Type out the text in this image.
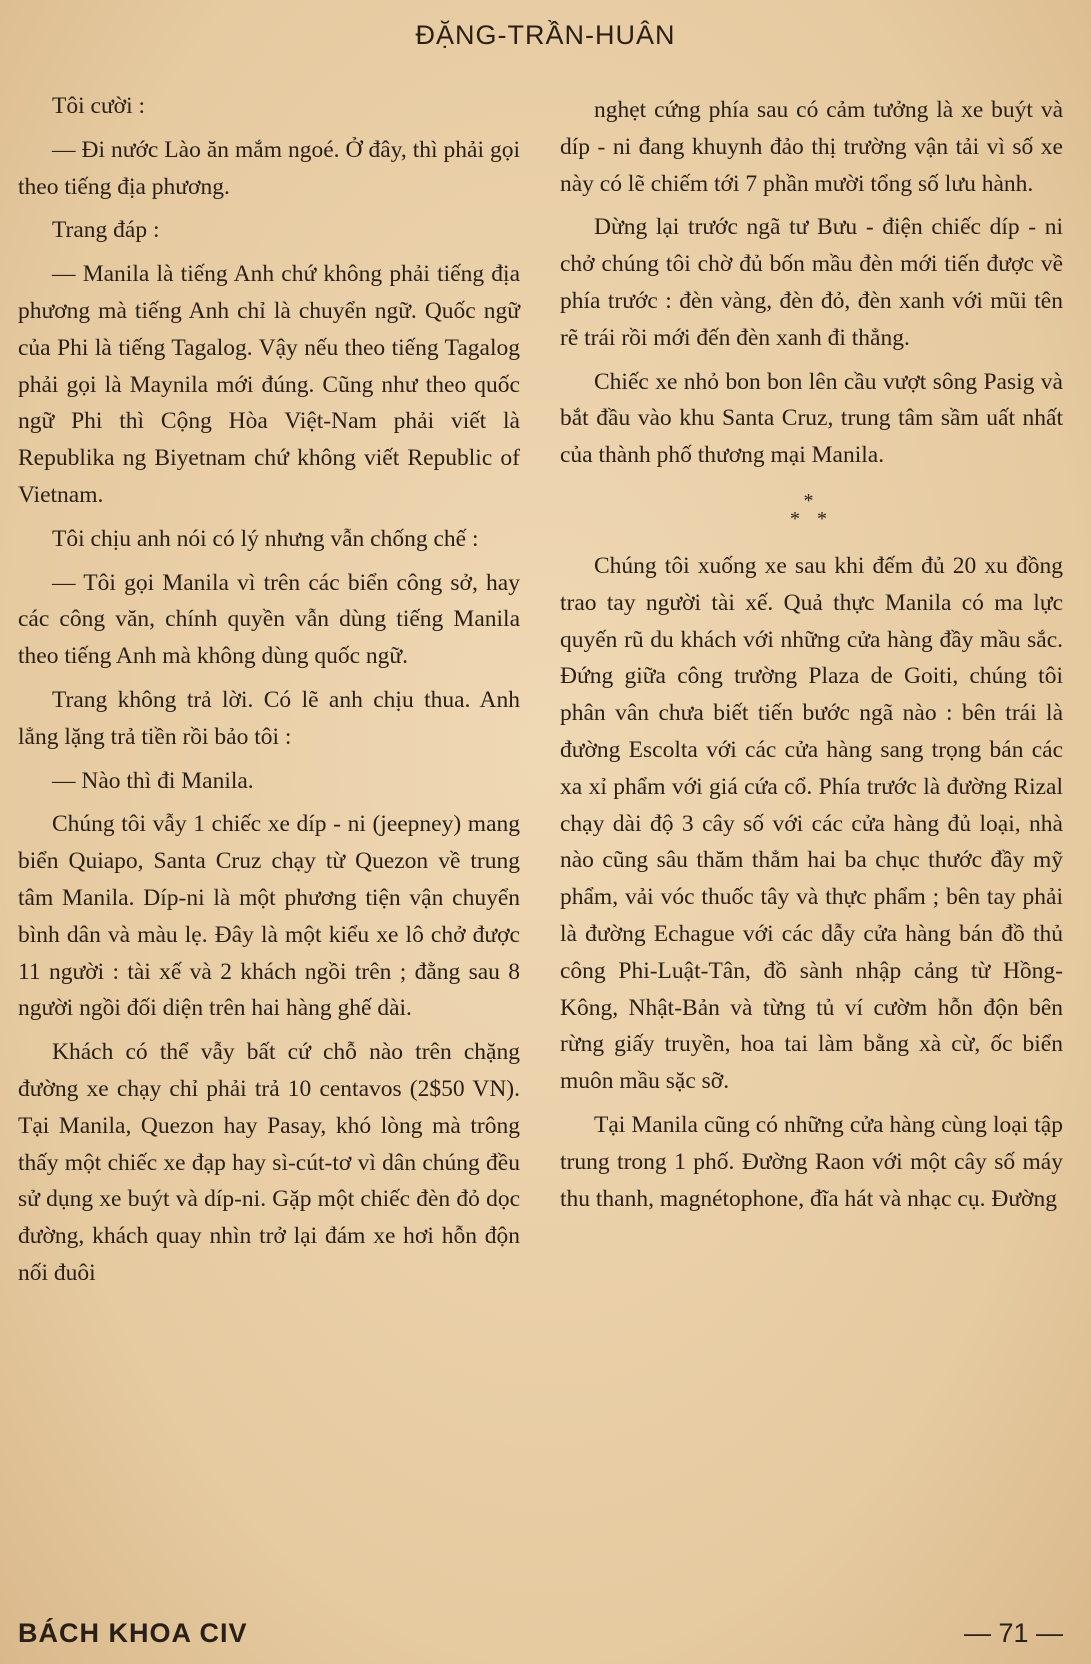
ĐẶNG-TRẦN-HUÂN

Tôi cười :

— Đi nước Lào ăn mắm ngoé. Ở đây, thì phải gọi theo tiếng địa phương.

Trang đáp :

— Manila là tiếng Anh chứ không phải tiếng địa phương mà tiếng Anh chỉ là chuyển ngữ. Quốc ngữ của Phi là tiếng Tagalog. Vậy nếu theo tiếng Tagalog phải gọi là Maynila mới đúng. Cũng như theo quốc ngữ Phi thì Cộng Hòa Việt-Nam phải viết là Republika ng Biyetnam chứ không viết Republic of Vietnam.

Tôi chịu anh nói có lý nhưng vẫn chống chế :

— Tôi gọi Manila vì trên các biển công sở, hay các công văn, chính quyền vẫn dùng tiếng Manila theo tiếng Anh mà không dùng quốc ngữ.

Trang không trả lời. Có lẽ anh chịu thua. Anh lẳng lặng trả tiền rồi bảo tôi :

— Nào thì đi Manila.

Chúng tôi vẫy 1 chiếc xe díp - ni (jeepney) mang biển Quiapo, Santa Cruz chạy từ Quezon về trung tâm Manila. Díp-ni là một phương tiện vận chuyển bình dân và màu lẹ. Đây là một kiểu xe lô chở được 11 người : tài xế và 2 khách ngồi trên ; đằng sau 8 người ngồi đối diện trên hai hàng ghế dài.

Khách có thể vẫy bất cứ chỗ nào trên chặng đường xe chạy chỉ phải trả 10 centavos (2$50 VN). Tại Manila, Quezon hay Pasay, khó lòng mà trông thấy một chiếc xe đạp hay sì-cút-tơ vì dân chúng đều sử dụng xe buýt và díp-ni. Gặp một chiếc đèn đỏ dọc đường, khách quay nhìn trở lại đám xe hơi hỗn độn nối đuôi

nghẹt cứng phía sau có cảm tưởng là xe buýt và díp - ni đang khuynh đảo thị trường vận tải vì số xe này có lẽ chiếm tới 7 phần mười tổng số lưu hành.

Dừng lại trước ngã tư Bưu - điện chiếc díp - ni chở chúng tôi chờ đủ bốn mầu đèn mới tiến được về phía trước : đèn vàng, đèn đỏ, đèn xanh với mũi tên rẽ trái rồi mới đến đèn xanh đi thẳng.

Chiếc xe nhỏ bon bon lên cầu vượt sông Pasig và bắt đầu vào khu Santa Cruz, trung tâm sầm uất nhất của thành phố thương mại Manila.

*
* *

Chúng tôi xuống xe sau khi đếm đủ 20 xu đồng trao tay người tài xế. Quả thực Manila có ma lực quyến rũ du khách với những cửa hàng đầy mầu sắc. Đứng giữa công trường Plaza de Goiti, chúng tôi phân vân chưa biết tiến bước ngã nào : bên trái là đường Escolta với các cửa hàng sang trọng bán các xa xỉ phẩm với giá cứa cổ. Phía trước là đường Rizal chạy dài độ 3 cây số với các cửa hàng đủ loại, nhà nào cũng sâu thăm thẳm hai ba chục thước đầy mỹ phẩm, vải vóc thuốc tây và thực phẩm ; bên tay phải là đường Echague với các dẫy cửa hàng bán đồ thủ công Phi-Luật-Tân, đồ sành nhập cảng từ Hồng-Kông, Nhật-Bản và từng tủ ví cườm hỗn độn bên rừng giấy truyền, hoa tai làm bằng xà cừ, ốc biển muôn mầu sặc sỡ.

Tại Manila cũng có những cửa hàng cùng loại tập trung trong 1 phố. Đường Raon với một cây số máy thu thanh, magnétophone, đĩa hát và nhạc cụ. Đường

BÁCH KHOA CIV	— 71 —
